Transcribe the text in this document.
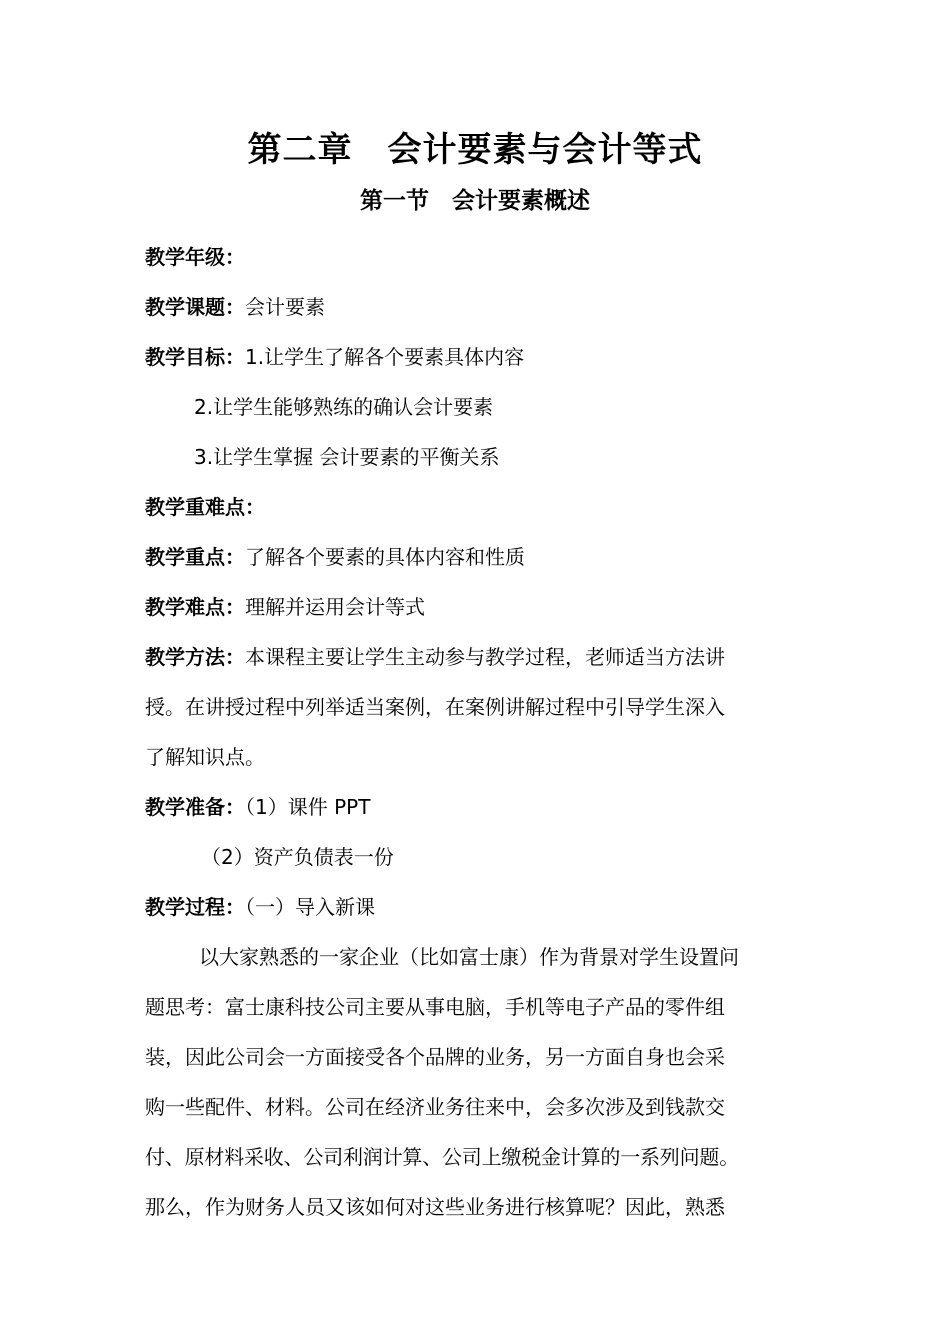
第二章　会计要素与会计等式
第一节　会计要素概述
教学年级：
教学课题：会计要素
教学目标：1.让学生了解各个要素具体内容
2.让学生能够熟练的确认会计要素
3.让学生掌握 会计要素的平衡关系
教学重难点：
教学重点：了解各个要素的具体内容和性质
教学难点：理解并运用会计等式
教学方法：本课程主要让学生主动参与教学过程，老师适当方法讲
授。在讲授过程中列举适当案例，在案例讲解过程中引导学生深入
了解知识点。
教学准备：（1）课件 PPT
（2）资产负债表一份
教学过程：（一）导入新课
以大家熟悉的一家企业（比如富士康）作为背景对学生设置问
题思考：富士康科技公司主要从事电脑，手机等电子产品的零件组
装，因此公司会一方面接受各个品牌的业务，另一方面自身也会采
购一些配件、材料。公司在经济业务往来中，会多次涉及到钱款交
付、原材料采收、公司利润计算、公司上缴税金计算的一系列问题。
那么，作为财务人员又该如何对这些业务进行核算呢？因此，熟悉
